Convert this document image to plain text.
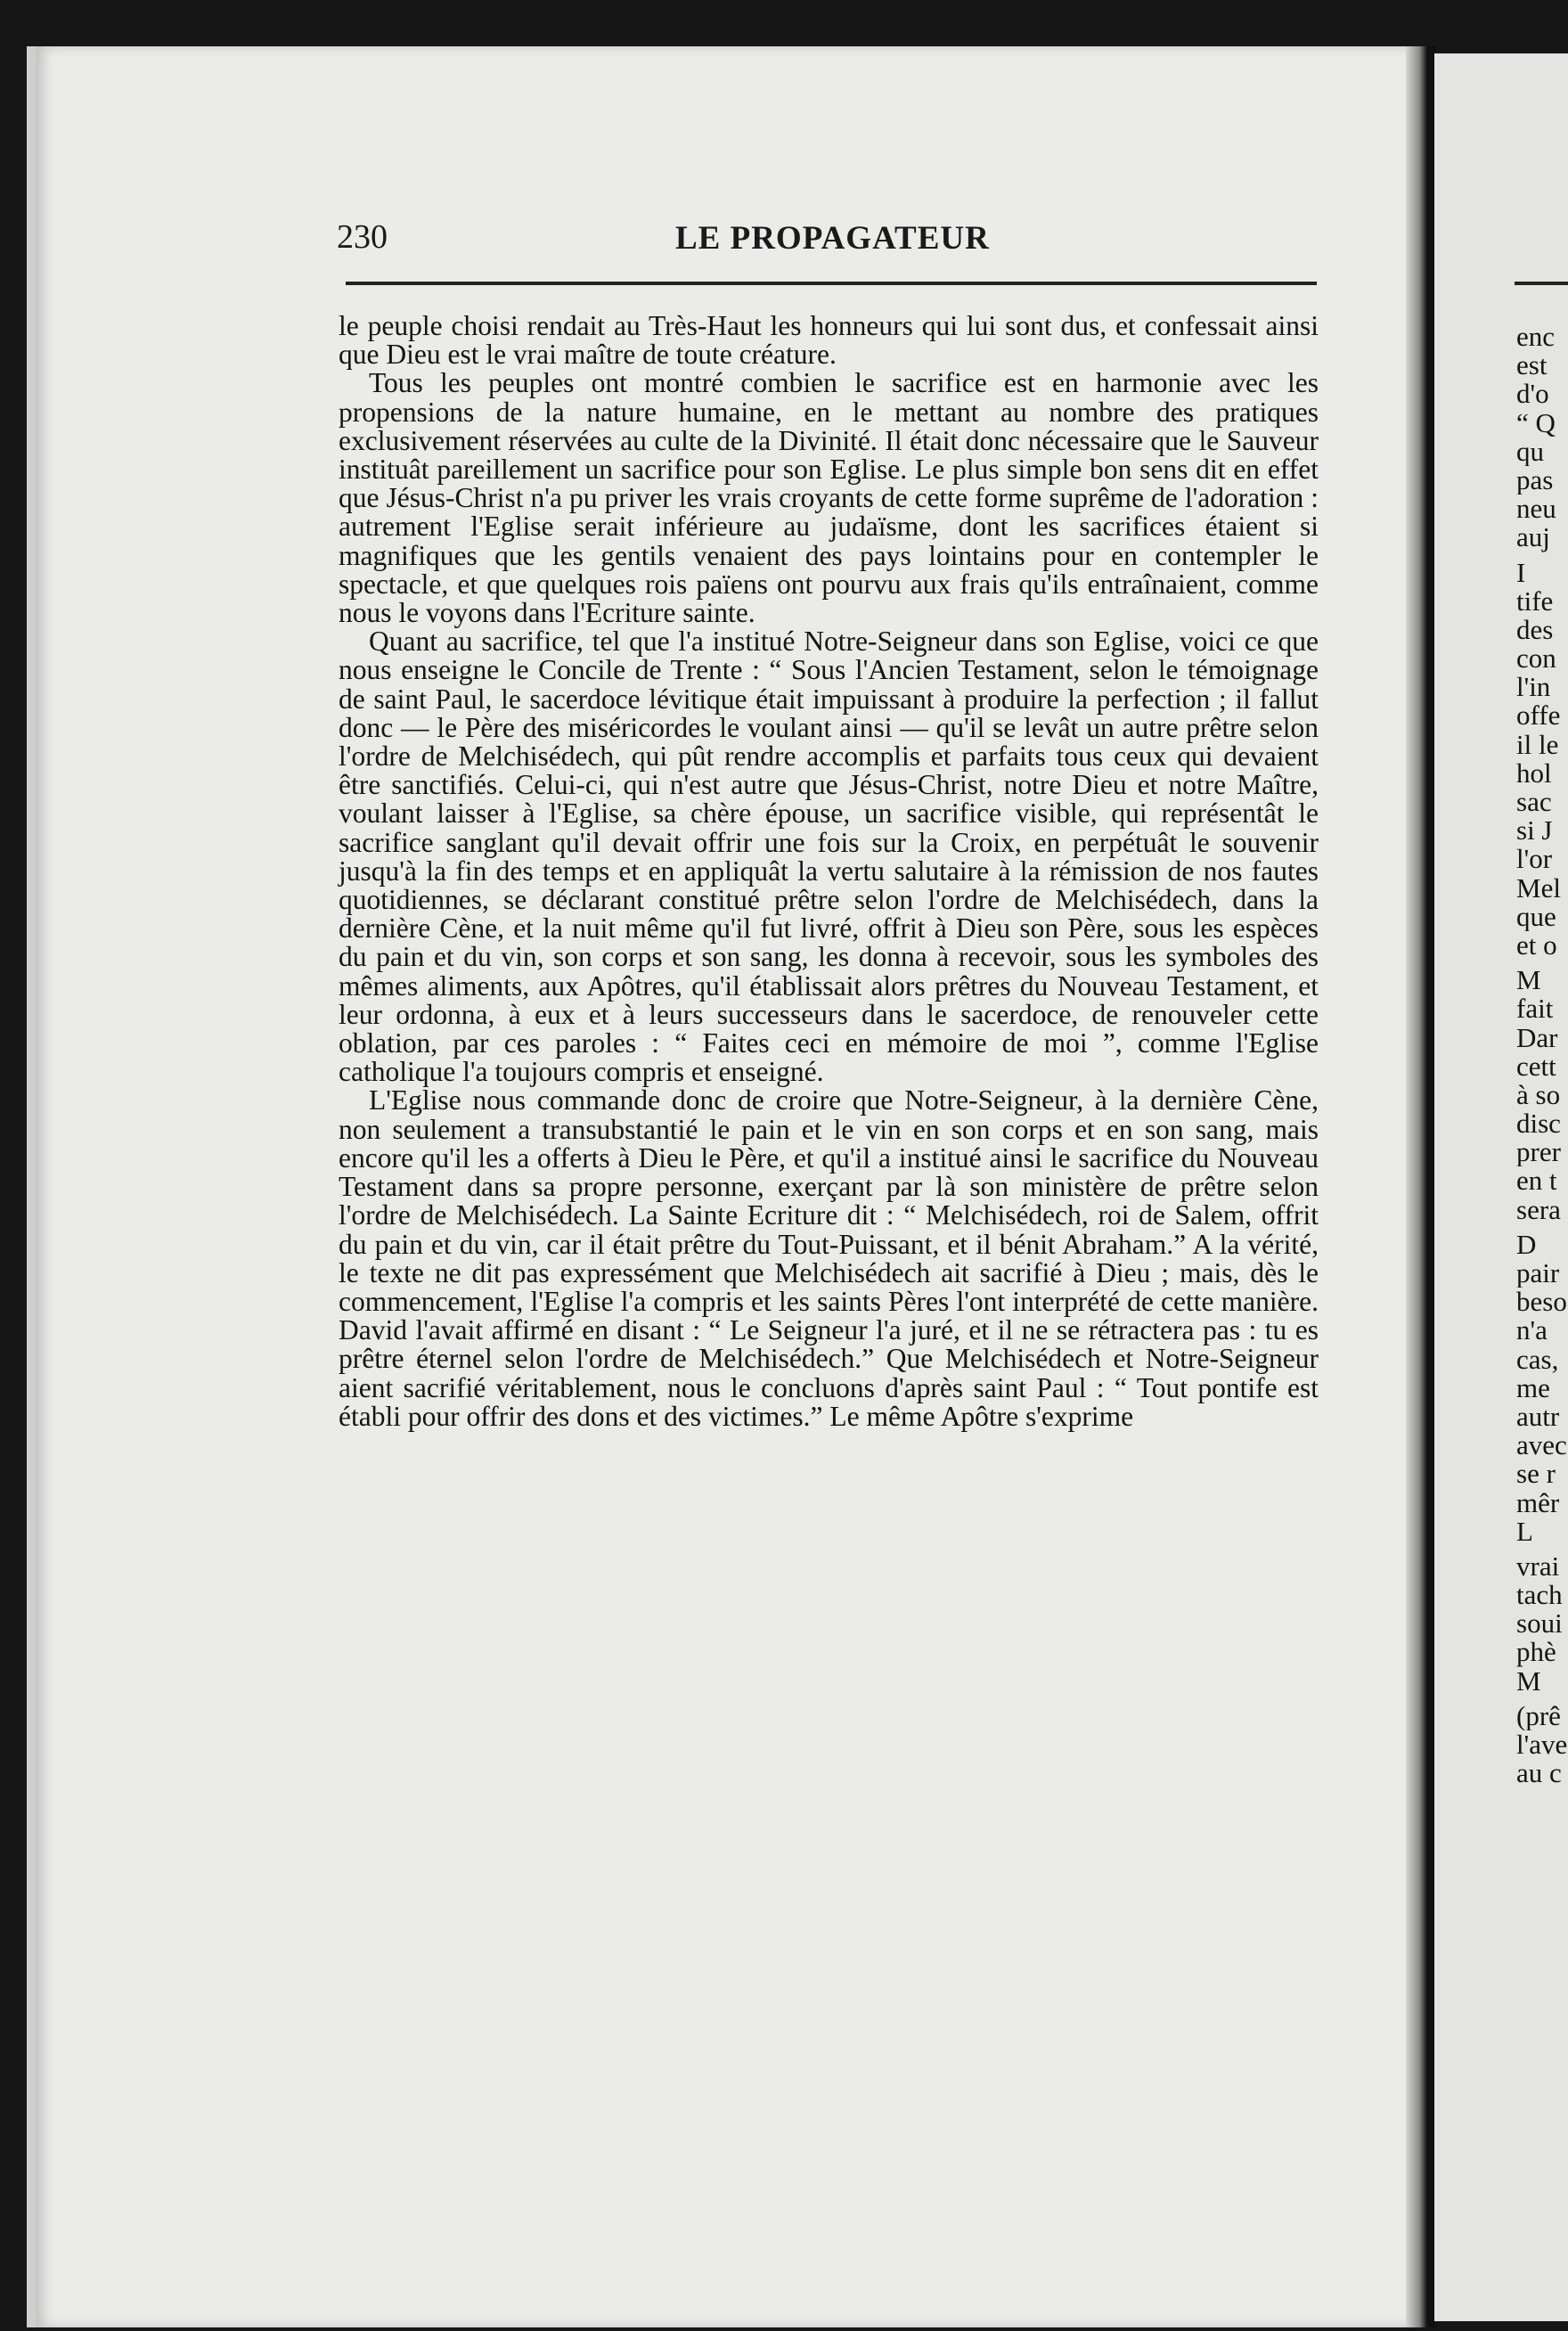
230	LE PROPAGATEUR

le peuple choisi rendait au Très-Haut les honneurs qui lui sont dus, et confessait ainsi que Dieu est le vrai maître de toute créature.

Tous les peuples ont montré combien le sacrifice est en harmonie avec les propensions de la nature humaine, en le mettant au nombre des pratiques exclusivement réservées au culte de la Divinité. Il était donc nécessaire que le Sauveur instituât pareillement un sacrifice pour son Eglise. Le plus simple bon sens dit en effet que Jésus-Christ n'a pu priver les vrais croyants de cette forme suprême de l'adoration : autrement l'Eglise serait inférieure au judaïsme, dont les sacrifices étaient si magnifiques que les gentils venaient des pays lointains pour en contempler le spectacle, et que quelques rois païens ont pourvu aux frais qu'ils entraînaient, comme nous le voyons dans l'Ecriture sainte.

Quant au sacrifice, tel que l'a institué Notre-Seigneur dans son Eglise, voici ce que nous enseigne le Concile de Trente : “ Sous l'Ancien Testament, selon le témoignage de saint Paul, le sacerdoce lévitique était impuissant à produire la perfection ; il fallut donc — le Père des miséricordes le voulant ainsi — qu'il se levât un autre prêtre selon l'ordre de Melchisédech, qui pût rendre accomplis et parfaits tous ceux qui devaient être sanctifiés. Celui-ci, qui n'est autre que Jésus-Christ, notre Dieu et notre Maître, voulant laisser à l'Eglise, sa chère épouse, un sacrifice visible, qui représentât le sacrifice sanglant qu'il devait offrir une fois sur la Croix, en perpétuât le souvenir jusqu'à la fin des temps et en appliquât la vertu salutaire à la rémission de nos fautes quotidiennes, se déclarant constitué prêtre selon l'ordre de Melchisédech, dans la dernière Cène, et la nuit même qu'il fut livré, offrit à Dieu son Père, sous les espèces du pain et du vin, son corps et son sang, les donna à recevoir, sous les symboles des mêmes aliments, aux Apôtres, qu'il établissait alors prêtres du Nouveau Testament, et leur ordonna, à eux et à leurs successeurs dans le sacerdoce, de renouveler cette oblation, par ces paroles : “ Faites ceci en mémoire de moi ”, comme l'Eglise catholique l'a toujours compris et enseigné.

L'Eglise nous commande donc de croire que Notre-Seigneur, à la dernière Cène, non seulement a transubstantié le pain et le vin en son corps et en son sang, mais encore qu'il les a offerts à Dieu le Père, et qu'il a institué ainsi le sacrifice du Nouveau Testament dans sa propre personne, exerçant par là son ministère de prêtre selon l'ordre de Melchisédech. La Sainte Ecriture dit : “ Melchisédech, roi de Salem, offrit du pain et du vin, car il était prêtre du Tout-Puissant, et il bénit Abraham.” A la vérité, le texte ne dit pas expressément que Melchisédech ait sacrifié à Dieu ; mais, dès le commencement, l'Eglise l'a compris et les saints Pères l'ont interprété de cette manière. David l'avait affirmé en disant : “ Le Seigneur l'a juré, et il ne se rétractera pas : tu es prêtre éternel selon l'ordre de Melchisédech.” Que Melchisédech et Notre-Seigneur aient sacrifié véritablement, nous le concluons d'après saint Paul : “ Tout pontife est établi pour offrir des dons et des victimes.” Le même Apôtre s'exprime

enc
est
d'o
“ Q
qu
pas
neu
auj
I
tife
des
con
l'in
offe
il le
hol
sac
si J
l'or
Mel
que
et o
M
fait
Dar
cett
à so
disc
prer
en t
sera
D
pair
beso
n'a
cas,
me
autr
avec
se r
mêr
L
vrai
tach
soui
phè
M
(prê
l'ave
au c
